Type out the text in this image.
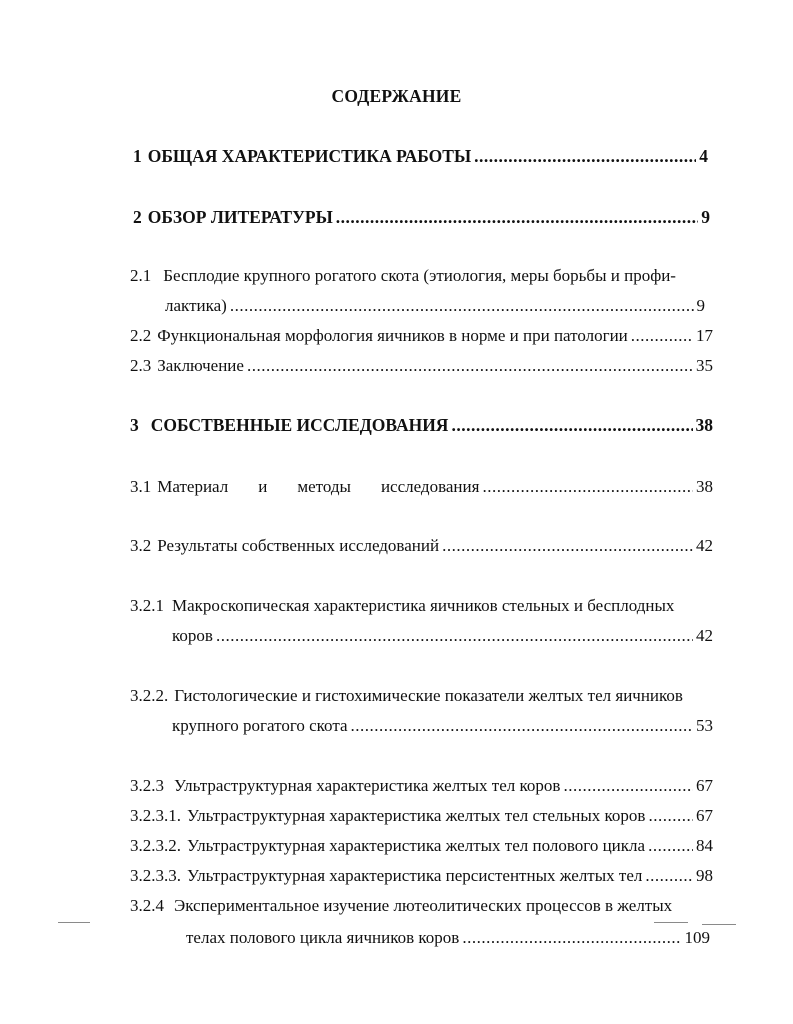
СОДЕРЖАНИЕ
1 ОБЩАЯ ХАРАКТЕРИСТИКА РАБОТЫ .....	4
2 ОБЗОР ЛИТЕРАТУРЫ .....	9
2.1 Бесплодие крупного рогатого скота (этиология, меры борьбы и профи-
лактика) .....	9
2.2 Функциональная морфология яичников в норме и при патологии .....	17
2.3 Заключение .....	35
3 СОБСТВЕННЫЕ ИССЛЕДОВАНИЯ .....	38
3.1 Материал и методы исследования .....	38
3.2 Результаты собственных исследований .....	42
3.2.1 Макроскопическая характеристика яичников стельных и бесплодных
коров .....	42
3.2.2. Гистологические и гистохимические показатели желтых тел яичников
крупного рогатого скота .....	53
3.2.3 Ультраструктурная характеристика желтых тел коров .....	67
3.2.3.1. Ультраструктурная характеристика желтых тел стельных коров .....	67
3.2.3.2. Ультраструктурная характеристика желтых тел полового цикла .....	84
3.2.3.3. Ультраструктурная характеристика персистентных желтых тел .....	98
3.2.4 Экспериментальное изучение лютеолитических процессов в желтых
телах полового цикла яичников коров .....	109
